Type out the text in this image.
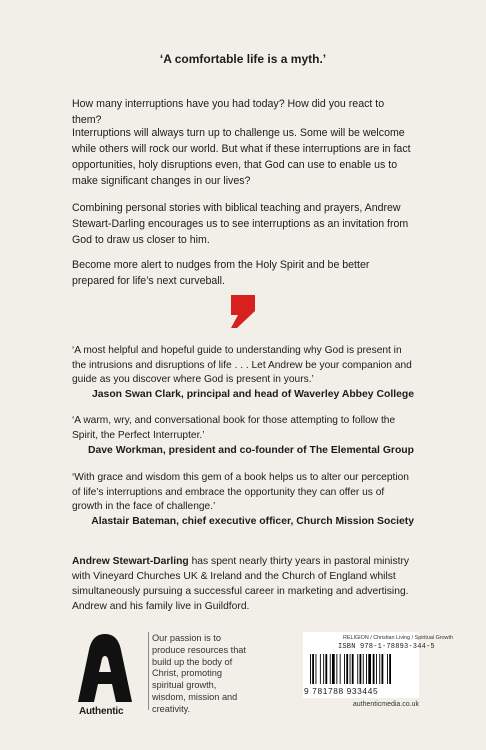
‘A comfortable life is a myth.’

How many interruptions have you had today? How did you react to them?

Interruptions will always turn up to challenge us. Some will be welcome while others will rock our world. But what if these interruptions are in fact opportunities, holy disruptions even, that God can use to enable us to make significant changes in our lives?

Combining personal stories with biblical teaching and prayers, Andrew Stewart-Darling encourages us to see interruptions as an invitation from God to draw us closer to him.

Become more alert to nudges from the Holy Spirit and be better prepared for life’s next curveball.

‘A most helpful and hopeful guide to understanding why God is present in the intrusions and disruptions of life . . . Let Andrew be your companion and guide as you discover where God is present in yours.’

Jason Swan Clark, principal and head of Waverley Abbey College

‘A warm, wry, and conversational book for those attempting to follow the Spirit, the Perfect Interrupter.’

Dave Workman, president and co-founder of The Elemental Group

‘With grace and wisdom this gem of a book helps us to alter our perception of life’s interruptions and embrace the opportunity they can offer us of growth in the face of challenge.’

Alastair Bateman, chief executive officer, Church Mission Society

Andrew Stewart-Darling has spent nearly thirty years in pastoral ministry with Vineyard Churches UK & Ireland and the Church of England whilst simultaneously pursuing a successful career in marketing and advertising. Andrew and his family live in Guildford.

Authentic
Our passion is to produce resources that build up the body of Christ, promoting spiritual growth, wisdom, mission and creativity.
RELIGION / Christian Living / Spiritual Growth
ISBN 978-1-78893-344-5
9 781788 933445
authenticmedia.co.uk
